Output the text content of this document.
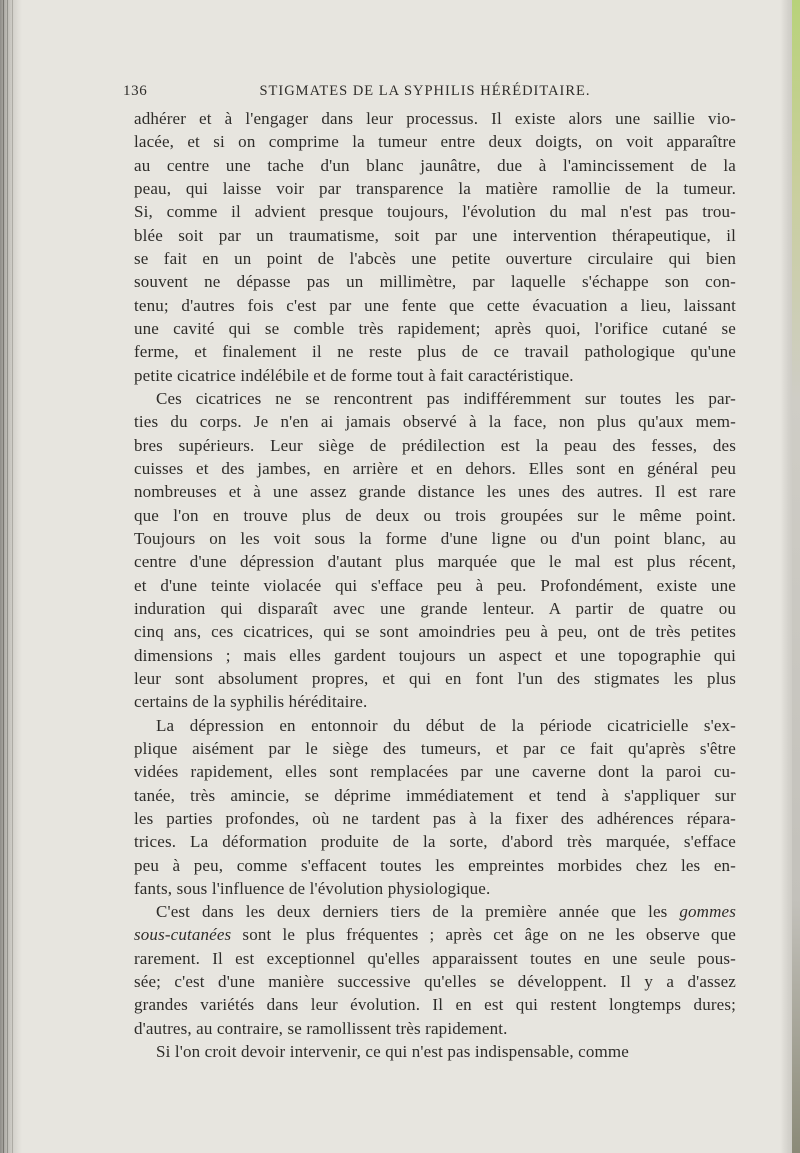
136	STIGMATES DE LA SYPHILIS HÉRÉDITAIRE.
adhérer et à l'engager dans leur processus. Il existe alors une saillie vio-
lacée, et si on comprime la tumeur entre deux doigts, on voit apparaître
au centre une tache d'un blanc jaunâtre, due à l'amincissement de la
peau, qui laisse voir par transparence la matière ramollie de la tumeur.
Si, comme il advient presque toujours, l'évolution du mal n'est pas trou-
blée soit par un traumatisme, soit par une intervention thérapeutique, il
se fait en un point de l'abcès une petite ouverture circulaire qui bien
souvent ne dépasse pas un millimètre, par laquelle s'échappe son con-
tenu; d'autres fois c'est par une fente que cette évacuation a lieu, laissant
une cavité qui se comble très rapidement; après quoi, l'orifice cutané se
ferme, et finalement il ne reste plus de ce travail pathologique qu'une
petite cicatrice indélébile et de forme tout à fait caractéristique.
Ces cicatrices ne se rencontrent pas indifféremment sur toutes les par-
ties du corps. Je n'en ai jamais observé à la face, non plus qu'aux mem-
bres supérieurs. Leur siège de prédilection est la peau des fesses, des
cuisses et des jambes, en arrière et en dehors. Elles sont en général peu
nombreuses et à une assez grande distance les unes des autres. Il est rare
que l'on en trouve plus de deux ou trois groupées sur le même point.
Toujours on les voit sous la forme d'une ligne ou d'un point blanc, au
centre d'une dépression d'autant plus marquée que le mal est plus récent,
et d'une teinte violacée qui s'efface peu à peu. Profondément, existe une
induration qui disparaît avec une grande lenteur. A partir de quatre ou
cinq ans, ces cicatrices, qui se sont amoindries peu à peu, ont de très petites
dimensions ; mais elles gardent toujours un aspect et une topographie qui
leur sont absolument propres, et qui en font l'un des stigmates les plus
certains de la syphilis héréditaire.
La dépression en entonnoir du début de la période cicatricielle s'ex-
plique aisément par le siège des tumeurs, et par ce fait qu'après s'être
vidées rapidement, elles sont remplacées par une caverne dont la paroi cu-
tanée, très amincie, se déprime immédiatement et tend à s'appliquer sur
les parties profondes, où ne tardent pas à la fixer des adhérences répara-
trices. La déformation produite de la sorte, d'abord très marquée, s'efface
peu à peu, comme s'effacent toutes les empreintes morbides chez les en-
fants, sous l'influence de l'évolution physiologique.
C'est dans les deux derniers tiers de la première année que les gommes
sous-cutanées sont le plus fréquentes ; après cet âge on ne les observe que
rarement. Il est exceptionnel qu'elles apparaissent toutes en une seule pous-
sée; c'est d'une manière successive qu'elles se développent. Il y a d'assez
grandes variétés dans leur évolution. Il en est qui restent longtemps dures;
d'autres, au contraire, se ramollissent très rapidement.
Si l'on croit devoir intervenir, ce qui n'est pas indispensable, comme
